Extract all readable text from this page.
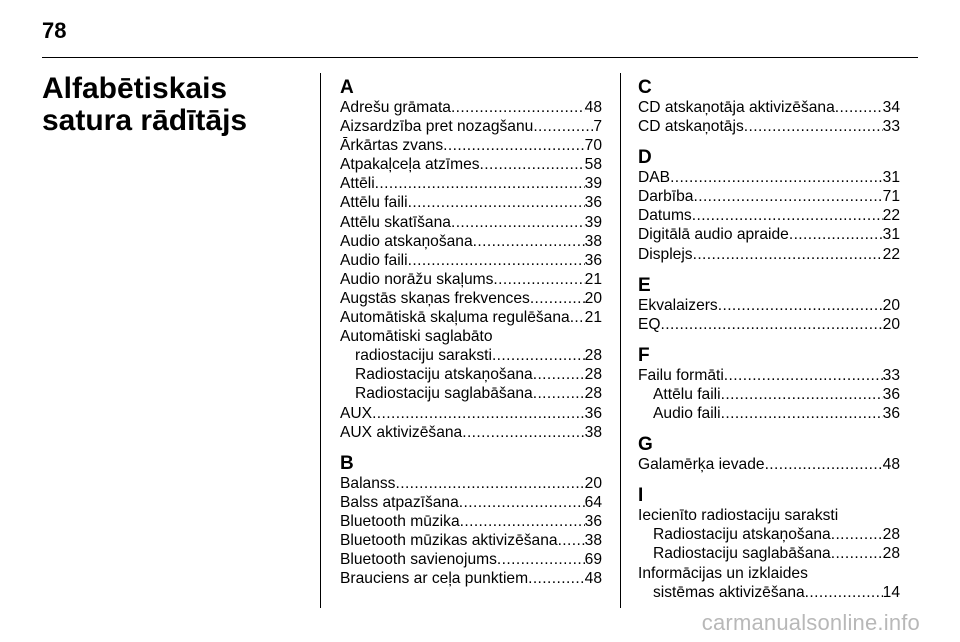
78
Alfabētiskais satura rādītājs
A
Adrešu grāmata .....	48
Aizsardzība pret nozagšanu .....	7
Ārkārtas zvans .....	70
Atpakaļceļa atzīmes .....	58
Attēli .....	39
Attēlu faili .....	36
Attēlu skatīšana .....	39
Audio atskaņošana .....	38
Audio faili .....	36
Audio norāžu skaļums .....	21
Augstās skaņas frekvences .....	20
Automātiskā skaļuma regulēšana ..... 21
Automātiski saglabāto
radiostaciju saraksti .....	28
Radiostaciju atskaņošana .....	28
Radiostaciju saglabāšana .....	28
AUX .....	36
AUX aktivizēšana .....	38
B
Balanss .....	20
Balss atpazīšana .....	64
Bluetooth mūzika .....	36
Bluetooth mūzikas aktivizēšana ..... 38
Bluetooth savienojums .....	69
Brauciens ar ceļa punktiem .....	48
C
CD atskaņotāja aktivizēšana .....	34
CD atskaņotājs .....	33
D
DAB .....	31
Darbība .....	71
Datums .....	22
Digitālā audio apraide .....	31
Displejs .....	22
E
Ekvalaizers .....	20
EQ .....	20
F
Failu formāti .....	33
Attēlu faili .....	36
Audio faili .....	36
G
Galamērķa ievade .....	48
I
Iecienīto radiostaciju saraksti
Radiostaciju atskaņošana .....	28
Radiostaciju saglabāšana .....	28
Informācijas un izklaides
sistēmas aktivizēšana .....	14
carmanualsonline.info
